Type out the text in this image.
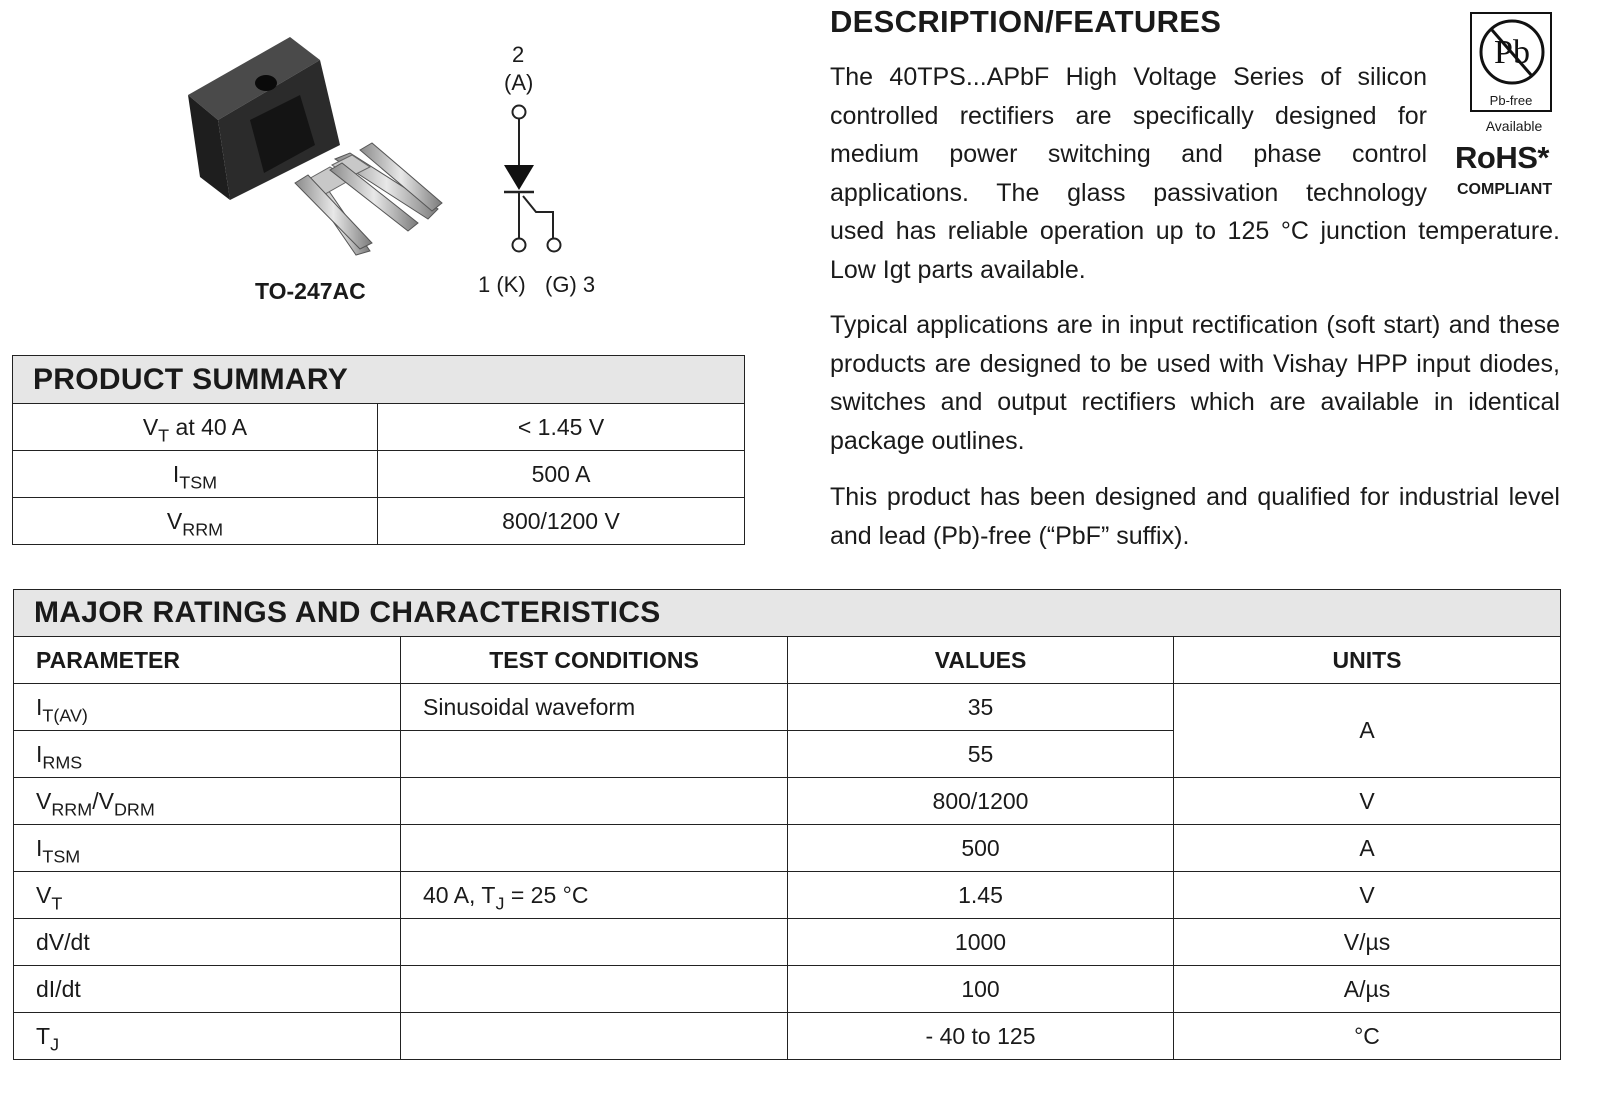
TO-247AC
2
(A)
1 (K) (G) 3
DESCRIPTION/FEATURES

The 40TPS...APbF High Voltage Series of silicon controlled rectifiers are specifically designed for medium power switching and phase control applications. The glass passivation technology

used has reliable operation up to 125 °C junction temperature. Low Igt parts available.

Typical applications are in input rectification (soft start) and these products are designed to be used with Vishay HPP input diodes, switches and output rectifiers which are available in identical package outlines.

This product has been designed and qualified for industrial level and lead (Pb)-free (“PbF” suffix).

Pb
Pb-free
Available
RoHS*
COMPLIANT
PRODUCT SUMMARY	
$V_T$ at 40 A	< 1.45 V
$I_{TSM}$	500 A
$V_{RRM}$	800/1200 V
MAJOR RATINGS AND CHARACTERISTICS			
PARAMETER	TEST CONDITIONS	VALUES	UNITS
$I_{T(AV)}$	Sinusoidal waveform	35	A
$I_{RMS}$		55	
$V_{RRM}/V_{DRM}$		800/1200	V
$I_{TSM}$		500	A
$V_T$	40 A, $T_J = 25$ °C	1.45	V
dV/dt		1000	V/µs
dI/dt		100	A/µs
$T_J$		- 40 to 125	°C
